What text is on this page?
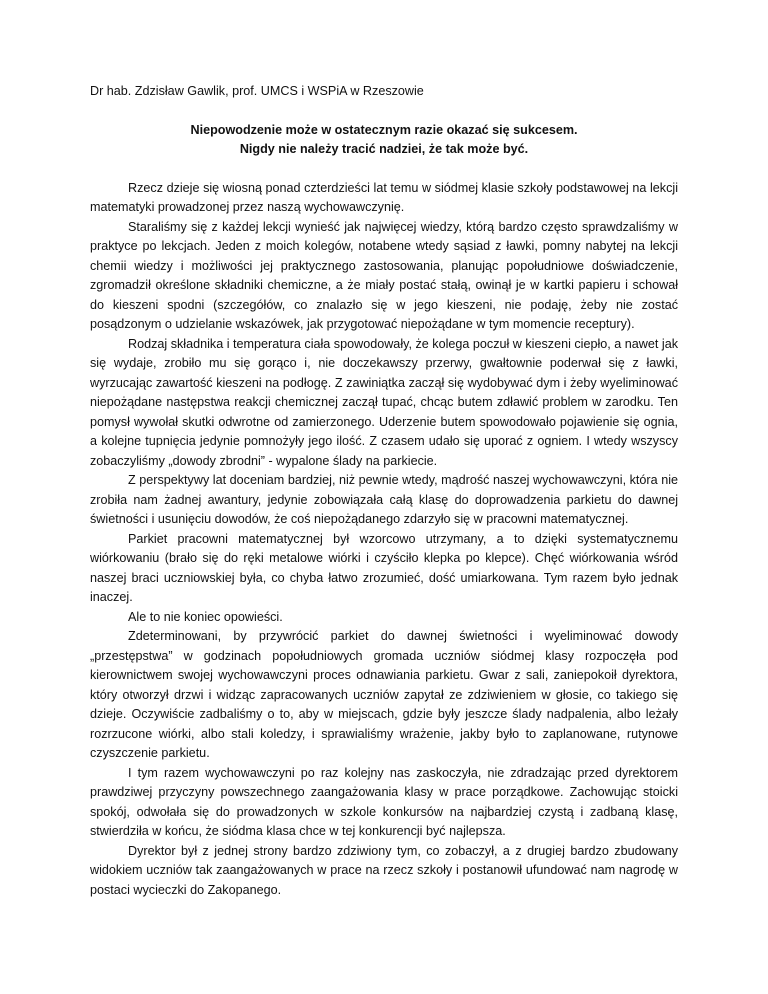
Dr hab. Zdzisław Gawlik, prof. UMCS i WSPiA w Rzeszowie

Niepowodzenie może w ostatecznym razie okazać się sukcesem.
Nigdy nie należy tracić nadziei, że tak może być.

Rzecz dzieje się wiosną ponad czterdzieści lat temu w siódmej klasie szkoły podstawowej na lekcji matematyki prowadzonej przez naszą wychowawczynię.

Staraliśmy się z każdej lekcji wynieść jak najwięcej wiedzy, którą bardzo często sprawdzaliśmy w praktyce po lekcjach. Jeden z moich kolegów, notabene wtedy sąsiad z ławki, pomny nabytej na lekcji chemii wiedzy i możliwości jej praktycznego zastosowania, planując popołudniowe doświadczenie, zgromadził określone składniki chemiczne, a że miały postać stałą, owinął je w kartki papieru i schował do kieszeni spodni (szczegółów, co znalazło się w jego kieszeni, nie podaję, żeby nie zostać posądzonym o udzielanie wskazówek, jak przygotować niepożądane w tym momencie receptury).

Rodzaj składnika i temperatura ciała spowodowały, że kolega poczuł w kieszeni ciepło, a nawet jak się wydaje, zrobiło mu się gorąco i, nie doczekawszy przerwy, gwałtownie poderwał się z ławki, wyrzucając zawartość kieszeni na podłogę. Z zawiniątka zaczął się wydobywać dym i żeby wyeliminować niepożądane następstwa reakcji chemicznej zaczął tupać, chcąc butem zdławić problem w zarodku. Ten pomysł wywołał skutki odwrotne od zamierzonego. Uderzenie butem spowodowało pojawienie się ognia, a kolejne tupnięcia jedynie pomnożyły jego ilość. Z czasem udało się uporać z ogniem. I wtedy wszyscy zobaczyliśmy „dowody zbrodni” - wypalone ślady na parkiecie.

Z perspektywy lat doceniam bardziej, niż pewnie wtedy, mądrość naszej wychowawczyni, która nie zrobiła nam żadnej awantury, jedynie zobowiązała całą klasę do doprowadzenia parkietu do dawnej świetności i usunięciu dowodów, że coś niepożądanego zdarzyło się w pracowni matematycznej.

Parkiet pracowni matematycznej był wzorcowo utrzymany, a to dzięki systematycznemu wiórkowaniu (brało się do ręki metalowe wiórki i czyściło klepka po klepce). Chęć wiórkowania wśród naszej braci uczniowskiej była, co chyba łatwo zrozumieć, dość umiarkowana. Tym razem było jednak inaczej.

Ale to nie koniec opowieści.

Zdeterminowani, by przywrócić parkiet do dawnej świetności i wyeliminować dowody „przestępstwa” w godzinach popołudniowych gromada uczniów siódmej klasy rozpoczęła pod kierownictwem swojej wychowawczyni proces odnawiania parkietu. Gwar z sali, zaniepokoił dyrektora, który otworzył drzwi i widząc zapracowanych uczniów zapytał ze zdziwieniem w głosie, co takiego się dzieje. Oczywiście zadbaliśmy o to, aby w miejscach, gdzie były jeszcze ślady nadpalenia, albo leżały rozrzucone wiórki, albo stali koledzy, i sprawialiśmy wrażenie, jakby było to zaplanowane, rutynowe czyszczenie parkietu.

I tym razem wychowawczyni po raz kolejny nas zaskoczyła, nie zdradzając przed dyrektorem prawdziwej przyczyny powszechnego zaangażowania klasy w prace porządkowe. Zachowując stoicki spokój, odwołała się do prowadzonych w szkole konkursów na najbardziej czystą i zadbaną klasę, stwierdziła w końcu, że siódma klasa chce w tej konkurencji być najlepsza.

Dyrektor był z jednej strony bardzo zdziwiony tym, co zobaczył, a z drugiej bardzo zbudowany widokiem uczniów tak zaangażowanych w prace na rzecz szkoły i postanowił ufundować nam nagrodę w postaci wycieczki do Zakopanego.
